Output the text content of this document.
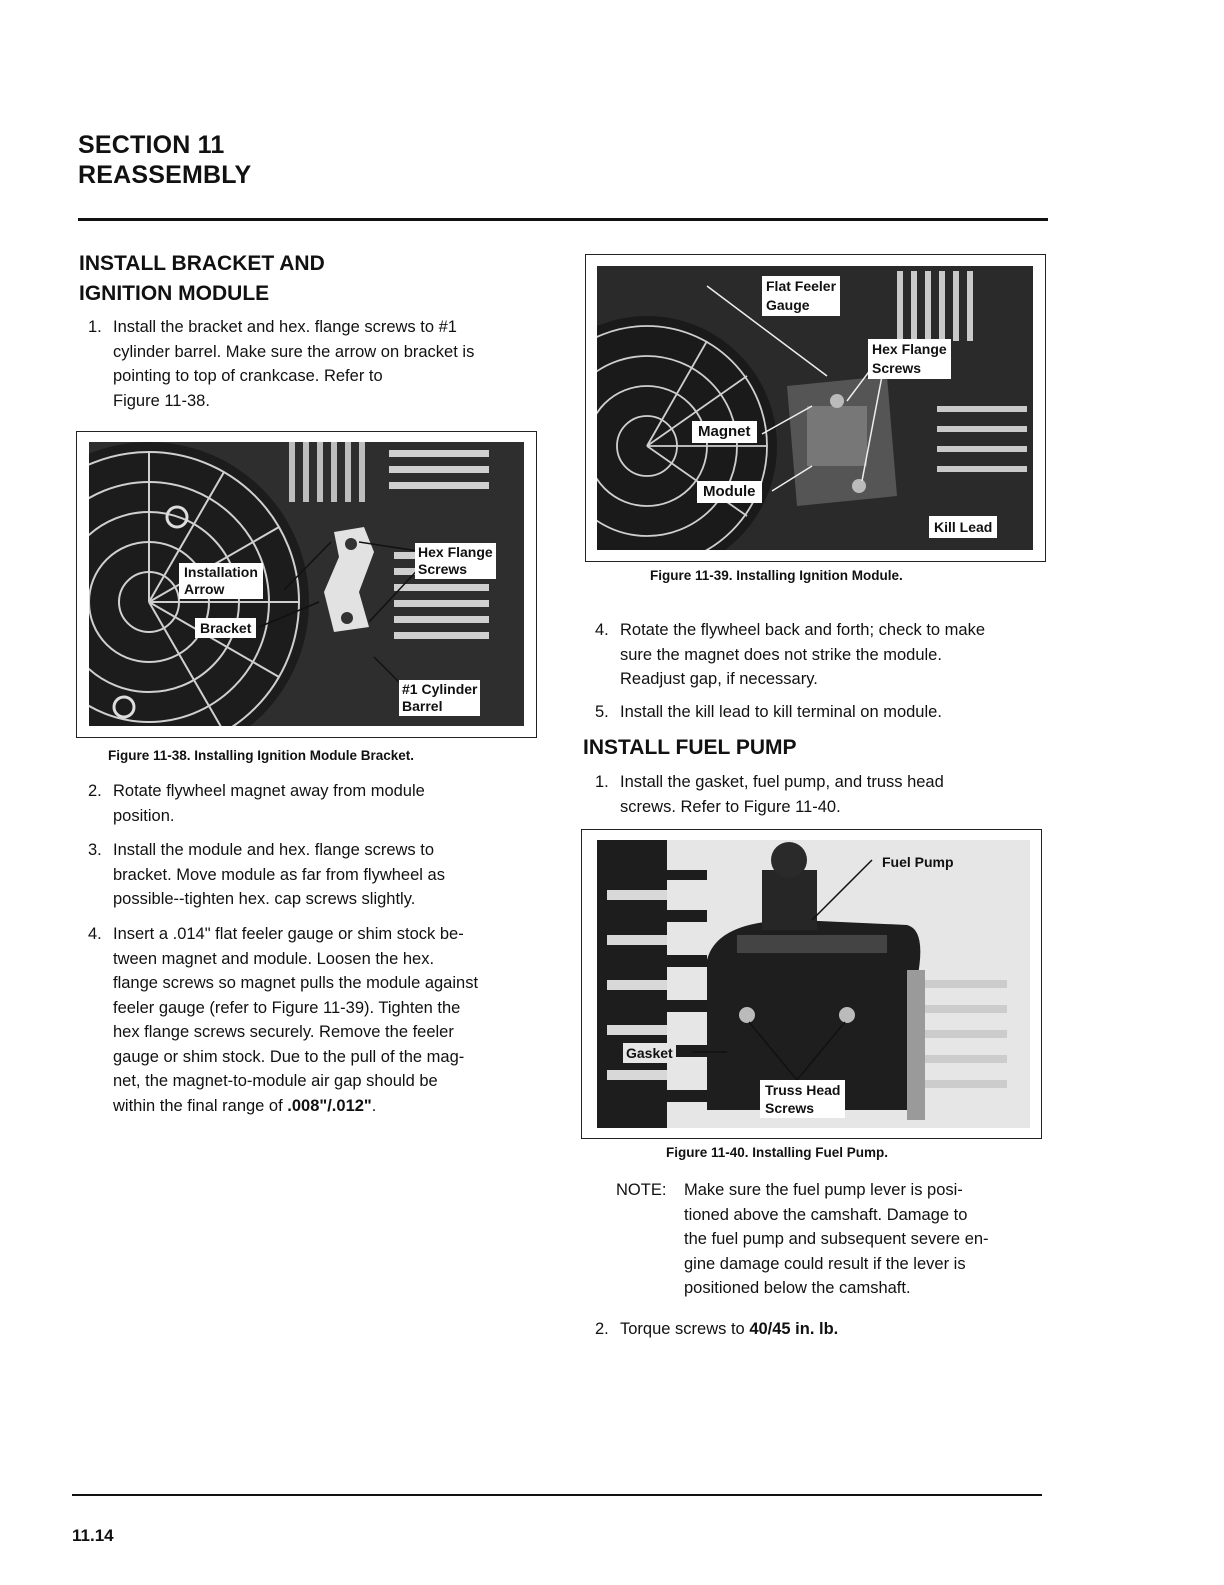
SECTION 11
REASSEMBLY
INSTALL BRACKET AND
IGNITION MODULE
1. Install the bracket and hex. flange screws to #1
cylinder barrel. Make sure the arrow on bracket is
pointing to top of crankcase. Refer to
Figure 11-38.
Hex Flange
Screws
Installation
Arrow
Bracket
#1 Cylinder
Barrel
Figure 11-38. Installing Ignition Module Bracket.
2. Rotate flywheel magnet away from module
position.
3. Install the module and hex. flange screws to
bracket. Move module as far from flywheel as
possible--tighten hex. cap screws slightly.
4. Insert a .014" flat feeler gauge or shim stock be-
tween magnet and module. Loosen the hex.
flange screws so magnet pulls the module against
feeler gauge (refer to Figure 11-39). Tighten the
hex flange screws securely. Remove the feeler
gauge or shim stock. Due to the pull of the mag-
net, the magnet-to-module air gap should be
within the final range of .008"/.012".
Flat Feeler
Gauge
Hex Flange
Screws
Magnet
Module
Kill Lead
Figure 11-39. Installing Ignition Module.
4. Rotate the flywheel back and forth; check to make
sure the magnet does not strike the module.
Readjust gap, if necessary.
5. Install the kill lead to kill terminal on module.
INSTALL FUEL PUMP
1. Install the gasket, fuel pump, and truss head
screws. Refer to Figure 11-40.
Fuel Pump
Gasket
Truss Head
Screws
Figure 11-40. Installing Fuel Pump.
NOTE: Make sure the fuel pump lever is posi-
tioned above the camshaft. Damage to
the fuel pump and subsequent severe en-
gine damage could result if the lever is
positioned below the camshaft.
2. Torque screws to 40/45 in. lb.
11.14
